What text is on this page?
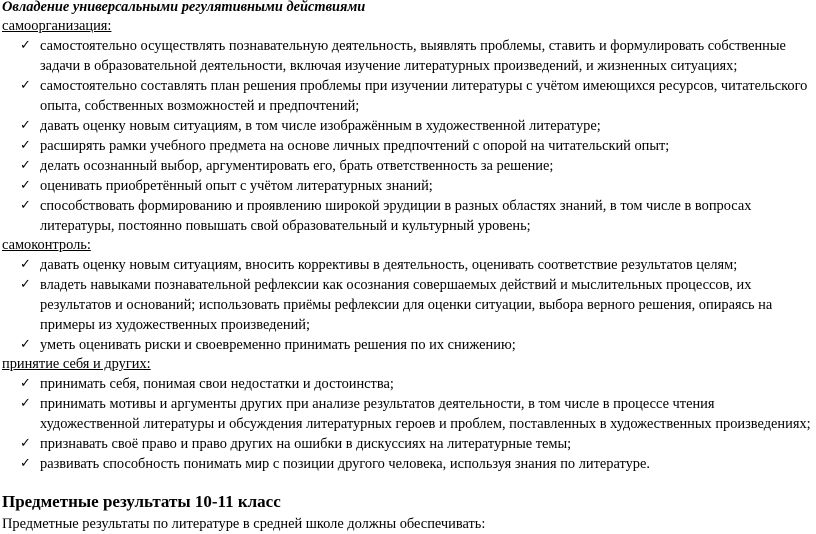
Овладение универсальными регулятивными действиями
самоорганизация:
✓ самостоятельно осуществлять познавательную деятельность, выявлять проблемы, ставить и формулировать собственные задачи в образовательной деятельности, включая изучение литературных произведений, и жизненных ситуациях;
✓ самостоятельно составлять план решения проблемы при изучении литературы с учётом имеющихся ресурсов, читательского опыта, собственных возможностей и предпочтений;
✓ давать оценку новым ситуациям, в том числе изображённым в художественной литературе;
✓ расширять рамки учебного предмета на основе личных предпочтений с опорой на читательский опыт;
✓ делать осознанный выбор, аргументировать его, брать ответственность за решение;
✓ оценивать приобретённый опыт с учётом литературных знаний;
✓ способствовать формированию и проявлению широкой эрудиции в разных областях знаний, в том числе в вопросах литературы, постоянно повышать свой образовательный и культурный уровень;
самоконтроль:
✓ давать оценку новым ситуациям, вносить коррективы в деятельность, оценивать соответствие результатов целям;
✓ владеть навыками познавательной рефлексии как осознания совершаемых действий и мыслительных процессов, их результатов и оснований; использовать приёмы рефлексии для оценки ситуации, выбора верного решения, опираясь на примеры из художественных произведений;
✓ уметь оценивать риски и своевременно принимать решения по их снижению;
принятие себя и других:
✓ принимать себя, понимая свои недостатки и достоинства;
✓ принимать мотивы и аргументы других при анализе результатов деятельности, в том числе в процессе чтения художественной литературы и обсуждения литературных героев и проблем, поставленных в художественных произведениях;
✓ признавать своё право и право других на ошибки в дискуссиях на литературные темы;
✓ развивать способность понимать мир с позиции другого человека, используя знания по литературе.
Предметные результаты 10-11 класс
Предметные результаты по литературе в средней школе должны обеспечивать:
